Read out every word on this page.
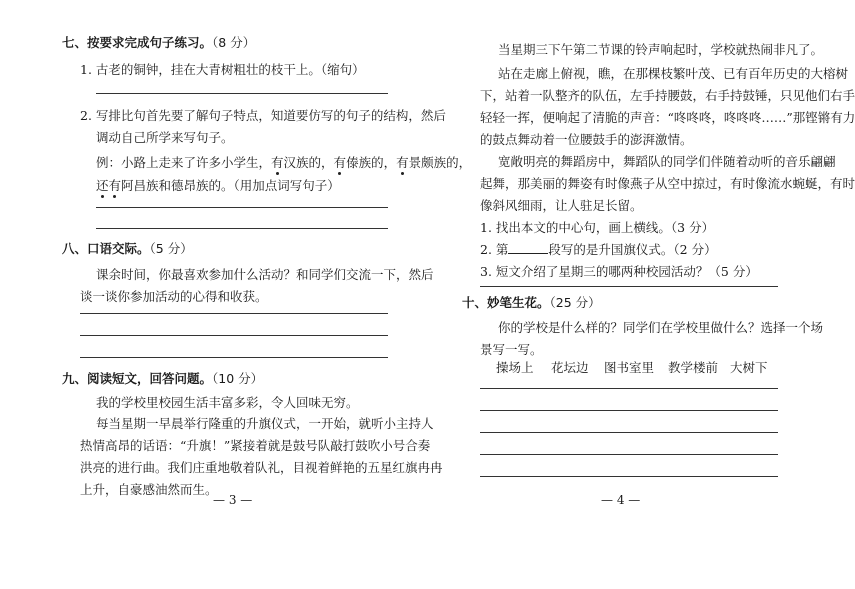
七、按要求完成句子练习。（8 分）
1. 古老的铜钟，挂在大青树粗壮的枝干上。（缩句）
2. 写排比句首先要了解句子特点，知道要仿写的句子的结构，然后
调动自己所学来写句子。
例：小路上走来了许多小学生，有
汉族的，有
傣族的，有
景颇族的，
还
有
阿昌族和德昂族的。（用加点词写句子）
八、口语交际。（5 分）
课余时间，你最喜欢参加什么活动？和同学们交流一下，然后
谈一谈你参加活动的心得和收获。
九、阅读短文，回答问题。（10 分）
我的学校里校园生活丰富多彩，令人回味无穷。
每当星期一早晨举行隆重的升旗仪式，一开始，就听小主持人
热情高昂的话语：“升旗！”紧接着就是鼓号队敲打鼓吹小号合奏
洪亮的进行曲。我们庄重地敬着队礼，目视着鲜艳的五星红旗冉冉
上升，自豪感油然而生。
— 3 —
当星期三下午第二节课的铃声响起时，学校就热闹非凡了。
站在走廊上俯视，瞧，在那棵枝繁叶茂、已有百年历史的大榕树
下，站着一队整齐的队伍，左手持腰鼓，右手持鼓锤，只见他们右手
轻轻一挥，便响起了清脆的声音：“咚咚咚，咚咚咚……”那铿锵有力
的鼓点舞动着一位腰鼓手的澎湃激情。
宽敞明亮的舞蹈房中，舞蹈队的同学们伴随着动听的音乐翩翩
起舞，那美丽的舞姿有时像燕子从空中掠过，有时像流水蜿蜒，有时
像斜风细雨，让人驻足长留。
1. 找出本文的中心句，画上横线。（3 分）
2. 第	段写的是升国旗仪式。（2 分）
3. 短文介绍了星期三的哪两种校园活动？（5 分）
十、妙笔生花。（25 分）
你的学校是什么样的？同学们在学校里做什么？选择一个场
景写一写。
操场上 花坛边 图书室里 教学楼前 大树下
— 4 —
